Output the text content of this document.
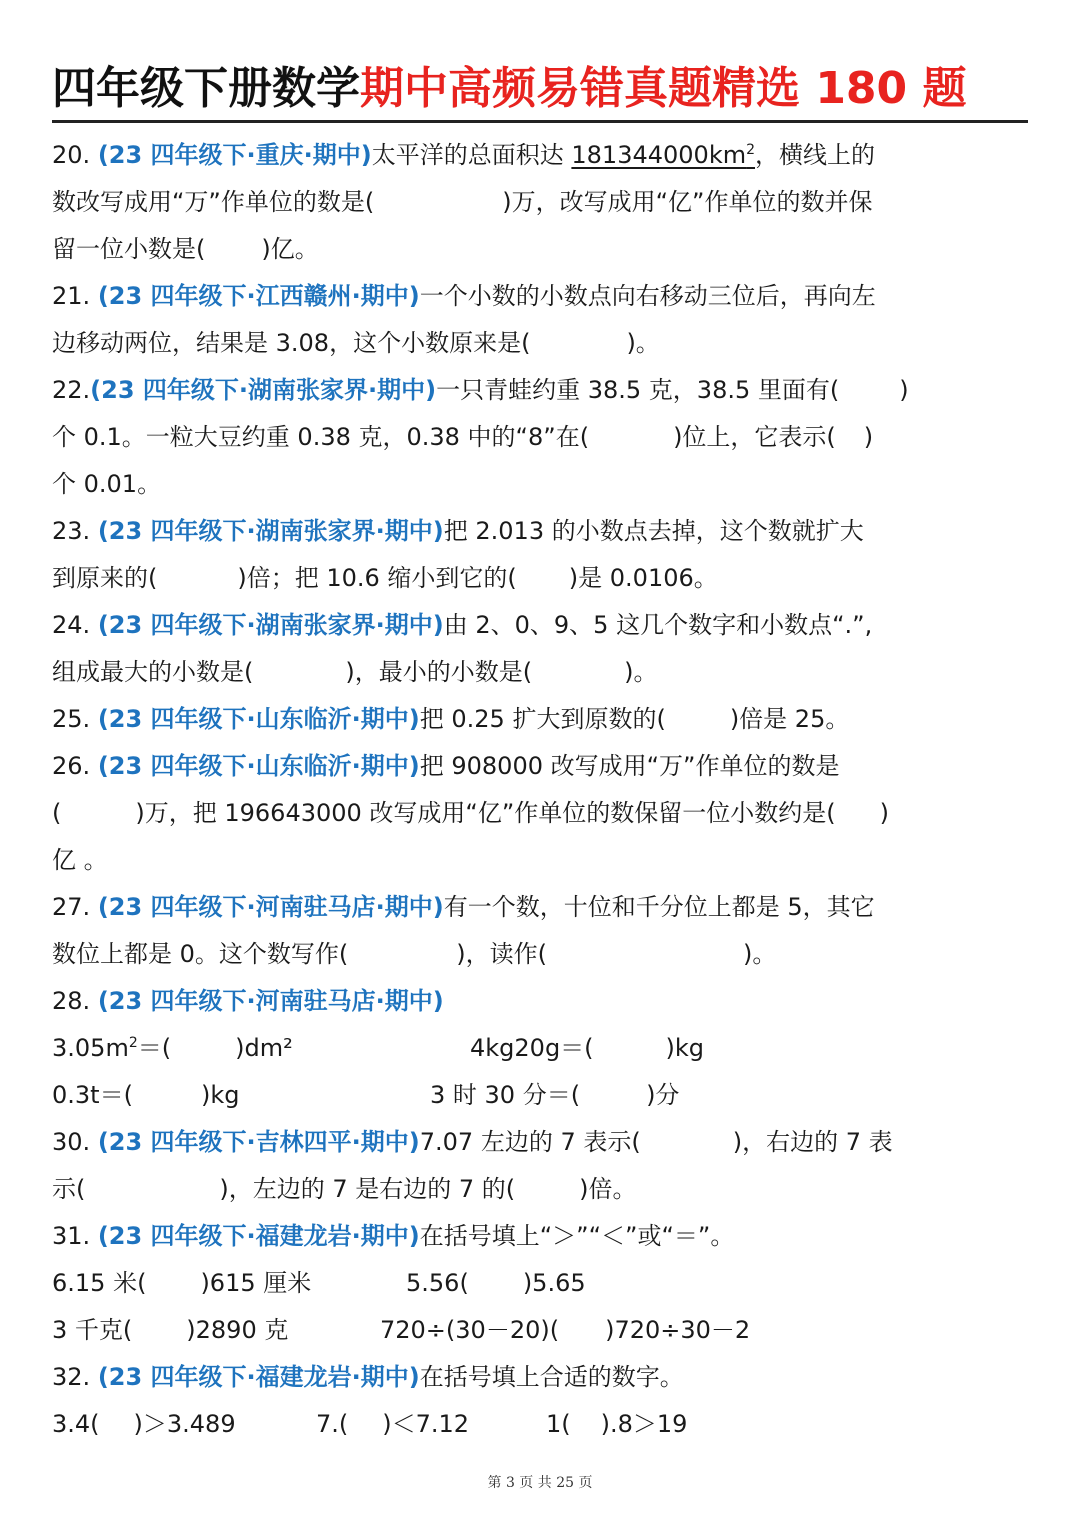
四年级下册数学期中高频易错真题精选 180 题
20. (23 四年级下·重庆·期中)太平洋的总面积达 $181344000km^2$，横线上的
数改写成用“万”作单位的数是(	)万，改写成用“亿”作单位的数并保
留一位小数是( )亿。
21. (23 四年级下·江西赣州·期中)一个小数的小数点向右移动三位后，再向左
边移动两位，结果是 3.08，这个小数原来是(	)。
22.(23 四年级下·湖南张家界·期中)一只青蛙约重 38.5 克，38.5 里面有(	)
个 0.1。一粒大豆约重 0.38 克，0.38 中的“8”在(	)位上，它表示( )
个 0.01。
23. (23 四年级下·湖南张家界·期中)把 2.013 的小数点去掉，这个数就扩大
到原来的(	)倍；把 10.6 缩小到它的( )是 0.0106。
24. (23 四年级下·湖南张家界·期中)由 2、0、9、5 这几个数字和小数点“.”,
组成最大的小数是(	)，最小的小数是(	)。
25. (23 四年级下·山东临沂·期中)把 0.25 扩大到原数的(	)倍是 25。
26. (23 四年级下·山东临沂·期中)把 908000 改写成用“万”作单位的数是
(	)万，把 196643000 改写成用“亿”作单位的数保留一位小数约是( )
亿 。
27. (23 四年级下·河南驻马店·期中)有一个数，十位和千分位上都是 5，其它
数位上都是 0。这个数写作(	)，读作(	)。
28. (23 四年级下·河南驻马店·期中)
$3.05m^2=$(	)dm²	4kg20g＝(	)kg
0.3t＝(	)kg	3 时 30 分＝(	)分
30. (23 四年级下·吉林四平·期中)7.07 左边的 7 表示(	)，右边的 7 表
示(	)，左边的 7 是右边的 7 的(	)倍。
31. (23 四年级下·福建龙岩·期中)在括号填上“＞”“＜”或“＝”。
6.15 米( )615 厘米	5.56( )5.65
3 千克( )2890 克	720÷(30－20)( )720÷30－2
32. (23 四年级下·福建龙岩·期中)在括号填上合适的数字。
3.4( )＞3.489	7.( )＜7.12	1( ).8＞19
第 3 页 共 25 页
